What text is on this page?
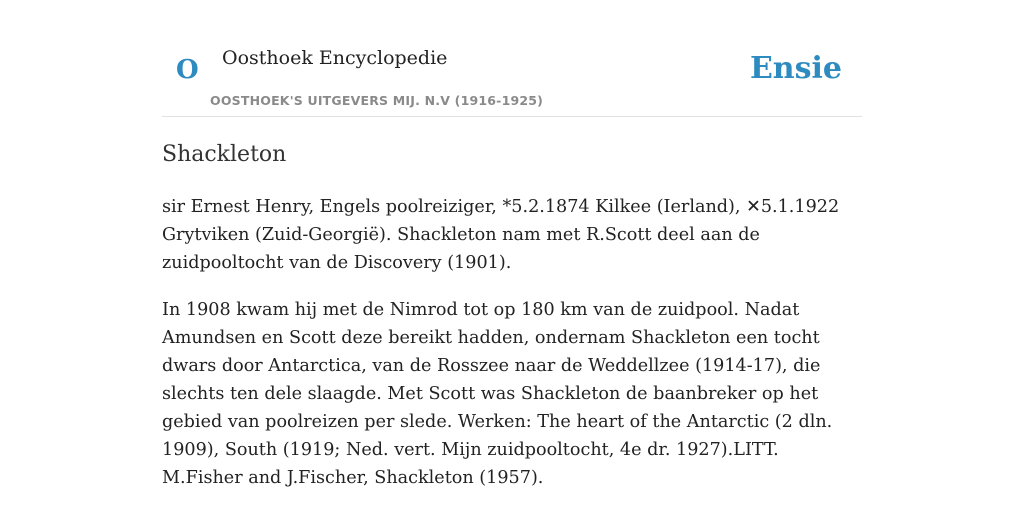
O Oosthoek Encyclopedie
OOSTHOEK'S UITGEVERS MIJ. N.V (1916-1925)
Ensie
Shackleton

sir Ernest Henry, Engels poolreiziger, *5.2.1874 Kilkee (Ierland), ✕5.1.1922 Grytviken (Zuid-Georgië). Shackleton nam met R.Scott deel aan de zuidpooltocht van de Discovery (1901).

In 1908 kwam hij met de Nimrod tot op 180 km van de zuidpool. Nadat Amundsen en Scott deze bereikt hadden, ondernam Shackleton een tocht dwars door Antarctica, van de Rosszee naar de Weddellzee (1914-17), die slechts ten dele slaagde. Met Scott was Shackleton de baanbreker op het gebied van poolreizen per slede. Werken: The heart of the Antarctic (2 dln. 1909), South (1919; Ned. vert. Mijn zuidpooltocht, 4e dr. 1927).LITT. M.Fisher and J.Fischer, Shackleton (1957).
